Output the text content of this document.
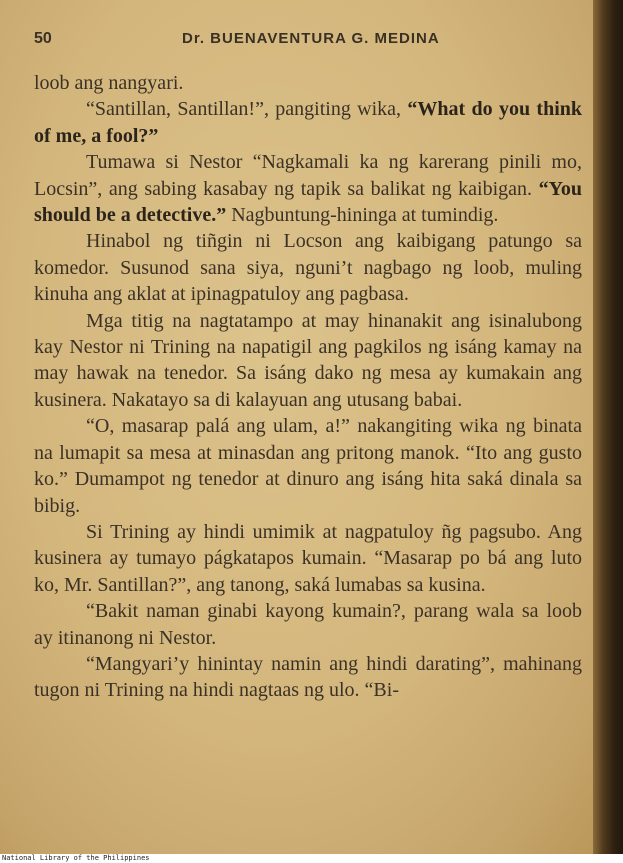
50	Dr. BUENAVENTURA G. MEDINA

loob ang nangyari.

“Santillan, Santillan!”, pangiting wika, “What do you think of me, a fool?”

Tumawa si Nestor “Nagkamali ka ng karerang pinili mo, Locsin”, ang sabing kasabay ng tapik sa balikat ng kaibigan. “You should be a detective.” Nagbuntung-hininga at tumindig.

Hinabol ng tiñgin ni Locson ang kaibigang patungo sa komedor. Susunod sana siya, nguni’t nagbago ng loob, muling kinuha ang aklat at ipinagpatuloy ang pagbasa.

Mga titig na nagtatampo at may hinanakit ang isinalubong kay Nestor ni Trining na napatigil ang pagkilos ng isáng kamay na may hawak na tenedor. Sa isáng dako ng mesa ay kumakain ang kusinera. Nakatayo sa di kalayuan ang utusang babai.

“O, masarap palá ang ulam, a!” nakangiting wika ng binata na lumapit sa mesa at minasdan ang pritong manok. “Ito ang gusto ko.” Dumampot ng tenedor at dinuro ang isáng hita saká dinala sa bibig.

Si Trining ay hindi umimik at nagpatuloy ñg pagsubo. Ang kusinera ay tumayo págkatapos kumain. “Masarap po bá ang luto ko, Mr. Santillan?”, ang tanong, saká lumabas sa kusina.

“Bakit naman ginabi kayong kumain?, parang wala sa loob ay itinanong ni Nestor.

“Mangyari’y hinintay namin ang hindi darating”, mahinang tugon ni Trining na hindi nagtaas ng ulo. “Bi-

National Library of the Philippines
